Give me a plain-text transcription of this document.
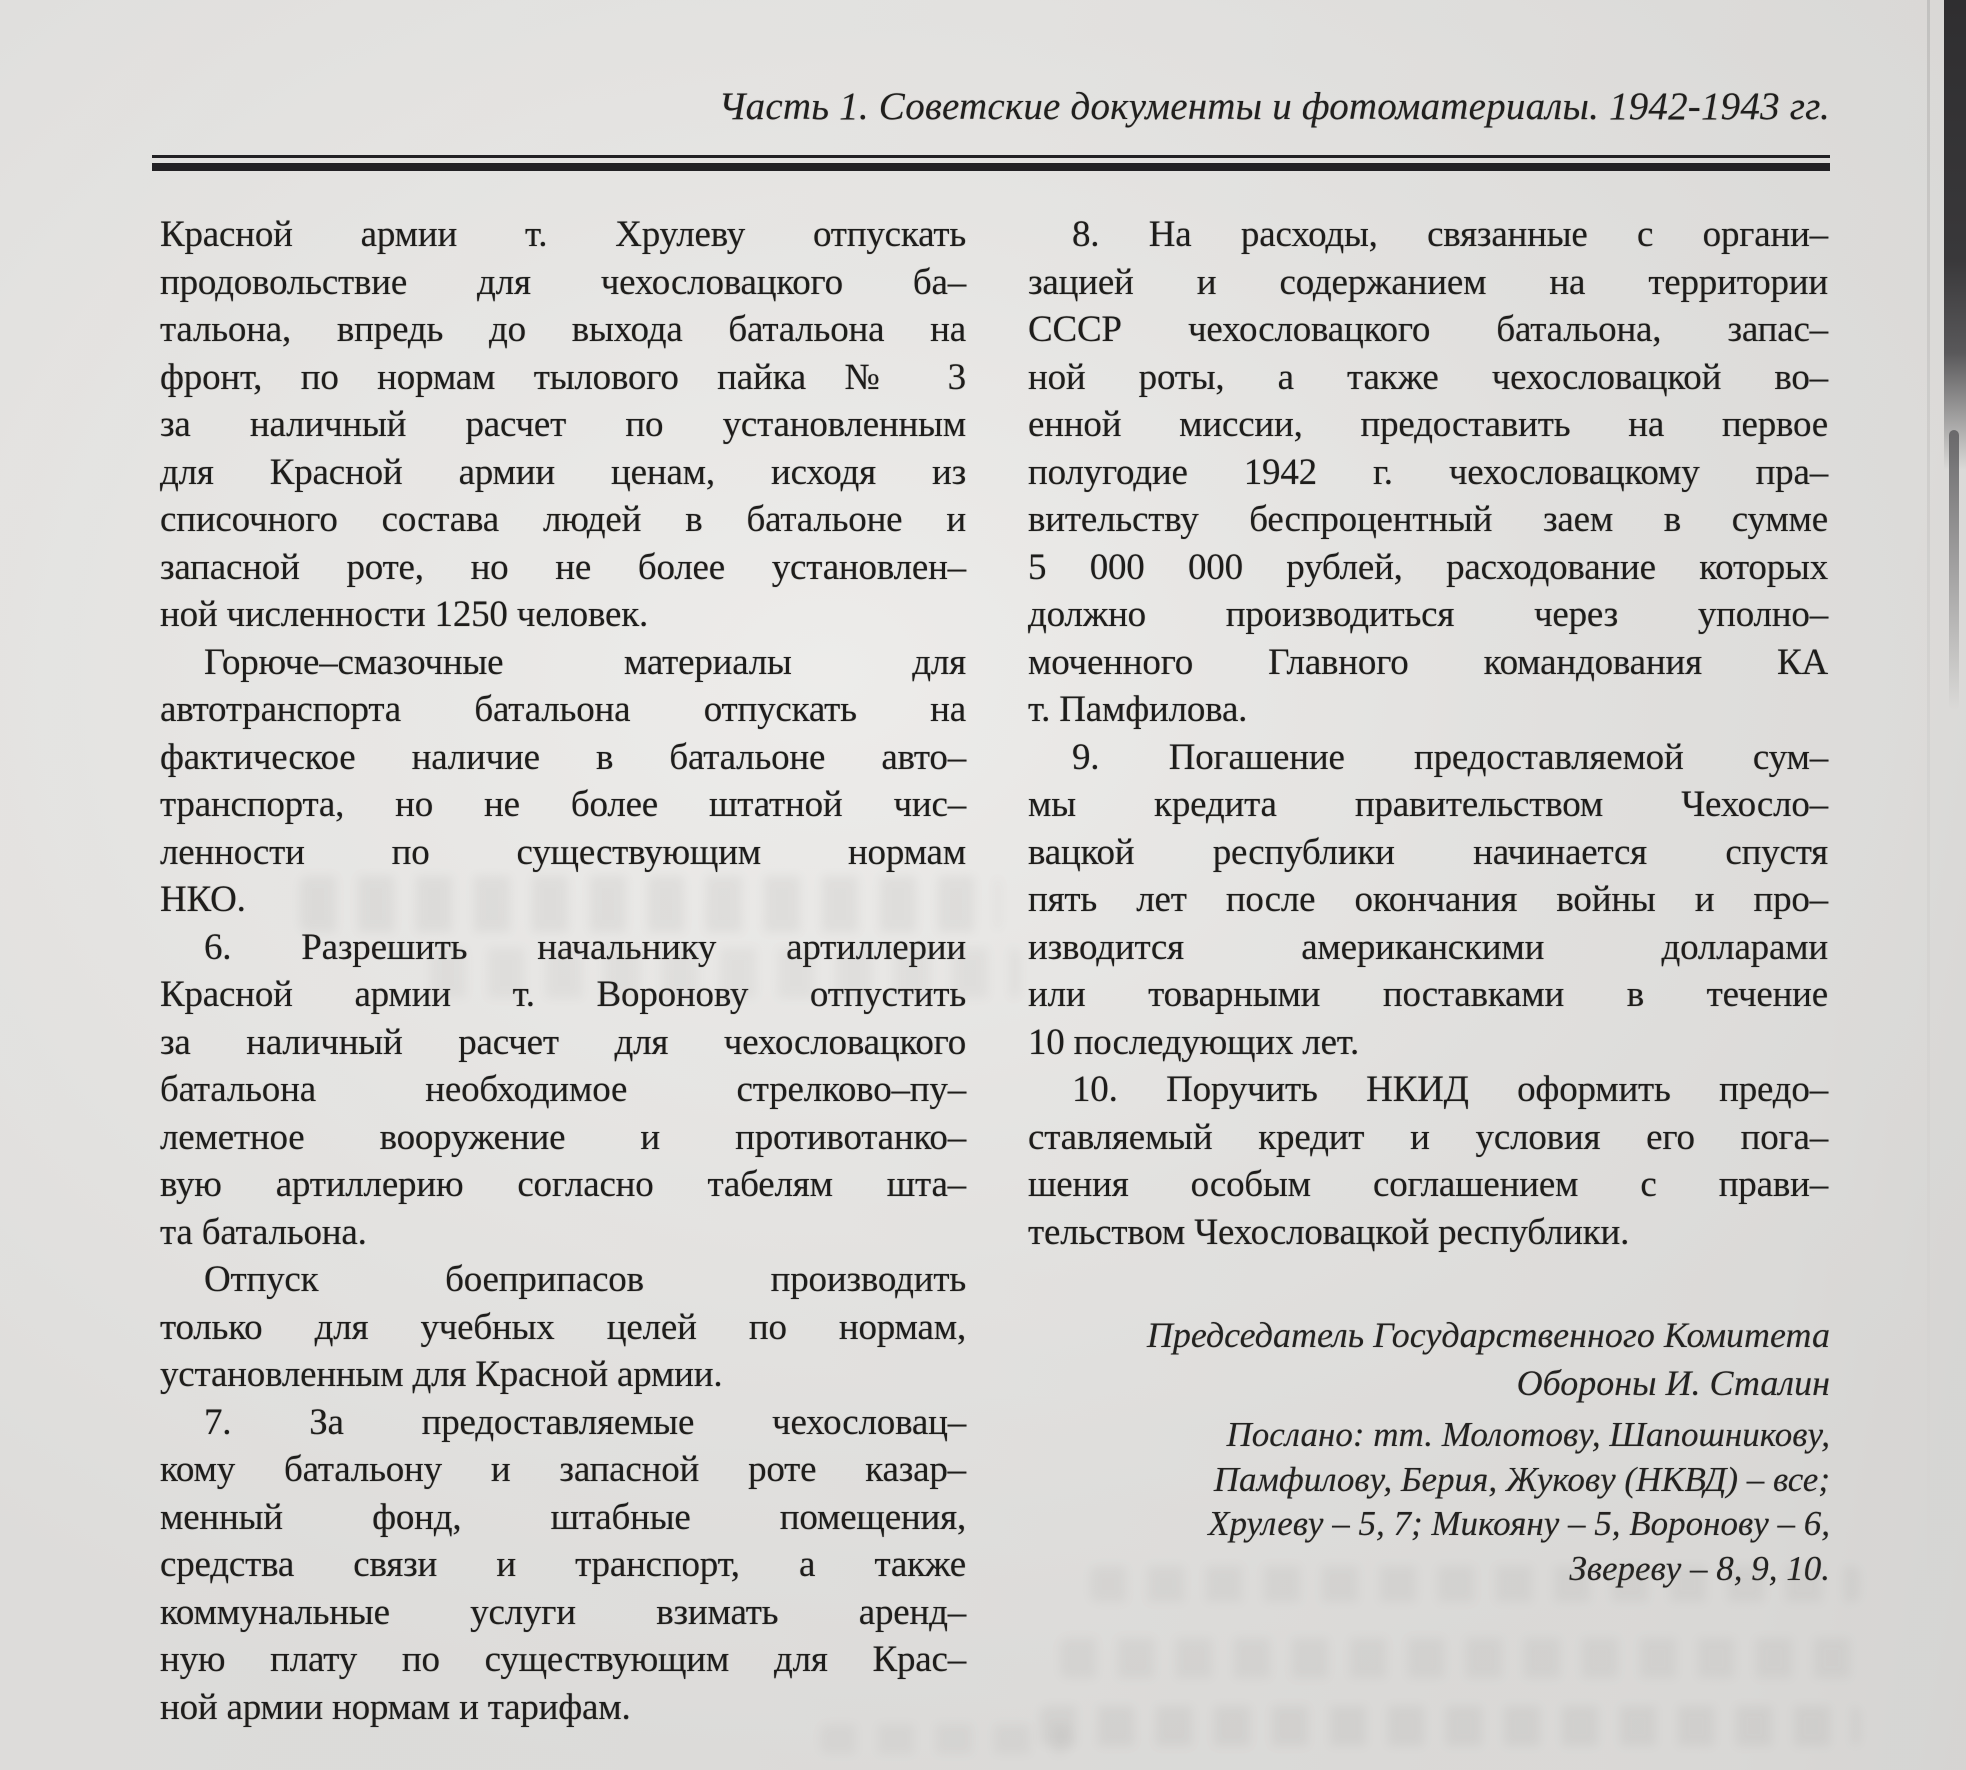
Часть 1. Советские документы и фотоматериалы. 1942-1943 гг.
Красной армии т. Хрулеву отпускать
продовольствие для чехословацкого ба–
тальона, впредь до выхода батальона на
фронт, по нормам тылового пайка № 3
за наличный расчет по установленным
для Красной армии ценам, исходя из
списочного состава людей в батальоне и
запасной роте, но не более установлен–
ной численности 1250 человек.
Горюче–смазочные материалы для
автотранспорта батальона отпускать на
фактическое наличие в батальоне авто–
транспорта, но не более штатной чис–
ленности по существующим нормам
НКО.
6. Разрешить начальнику артиллерии
Красной армии т. Воронову отпустить
за наличный расчет для чехословацкого
батальона необходимое стрелково–пу–
леметное вооружение и противотанко–
вую артиллерию согласно табелям шта–
та батальона.
Отпуск боеприпасов производить
только для учебных целей по нормам,
установленным для Красной армии.
7. За предоставляемые чехословац–
кому батальону и запасной роте казар–
менный фонд, штабные помещения,
средства связи и транспорт, а также
коммунальные услуги взимать аренд–
ную плату по существующим для Крас–
ной армии нормам и тарифам.
8. На расходы, связанные с органи–
зацией и содержанием на территории
СССР чехословацкого батальона, запас–
ной роты, а также чехословацкой во–
енной миссии, предоставить на первое
полугодие 1942 г. чехословацкому пра–
вительству беспроцентный заем в сумме
5 000 000 рублей, расходование которых
должно производиться через уполно–
моченного Главного командования КА
т. Памфилова.
9. Погашение предоставляемой сум–
мы кредита правительством Чехосло–
вацкой республики начинается спустя
пять лет после окончания войны и про–
изводится американскими долларами
или товарными поставками в течение
10 последующих лет.
10. Поручить НКИД оформить предо–
ставляемый кредит и условия его пога–
шения особым соглашением с прави–
тельством Чехословацкой республики.
Председатель Государственного Комитета
Обороны И. Сталин
Послано: тт. Молотову, Шапошникову,
Памфилову, Берия, Жукову (НКВД) – все;
Хрулеву – 5, 7; Микояну – 5, Воронову – 6,
Звереву – 8, 9, 10.
